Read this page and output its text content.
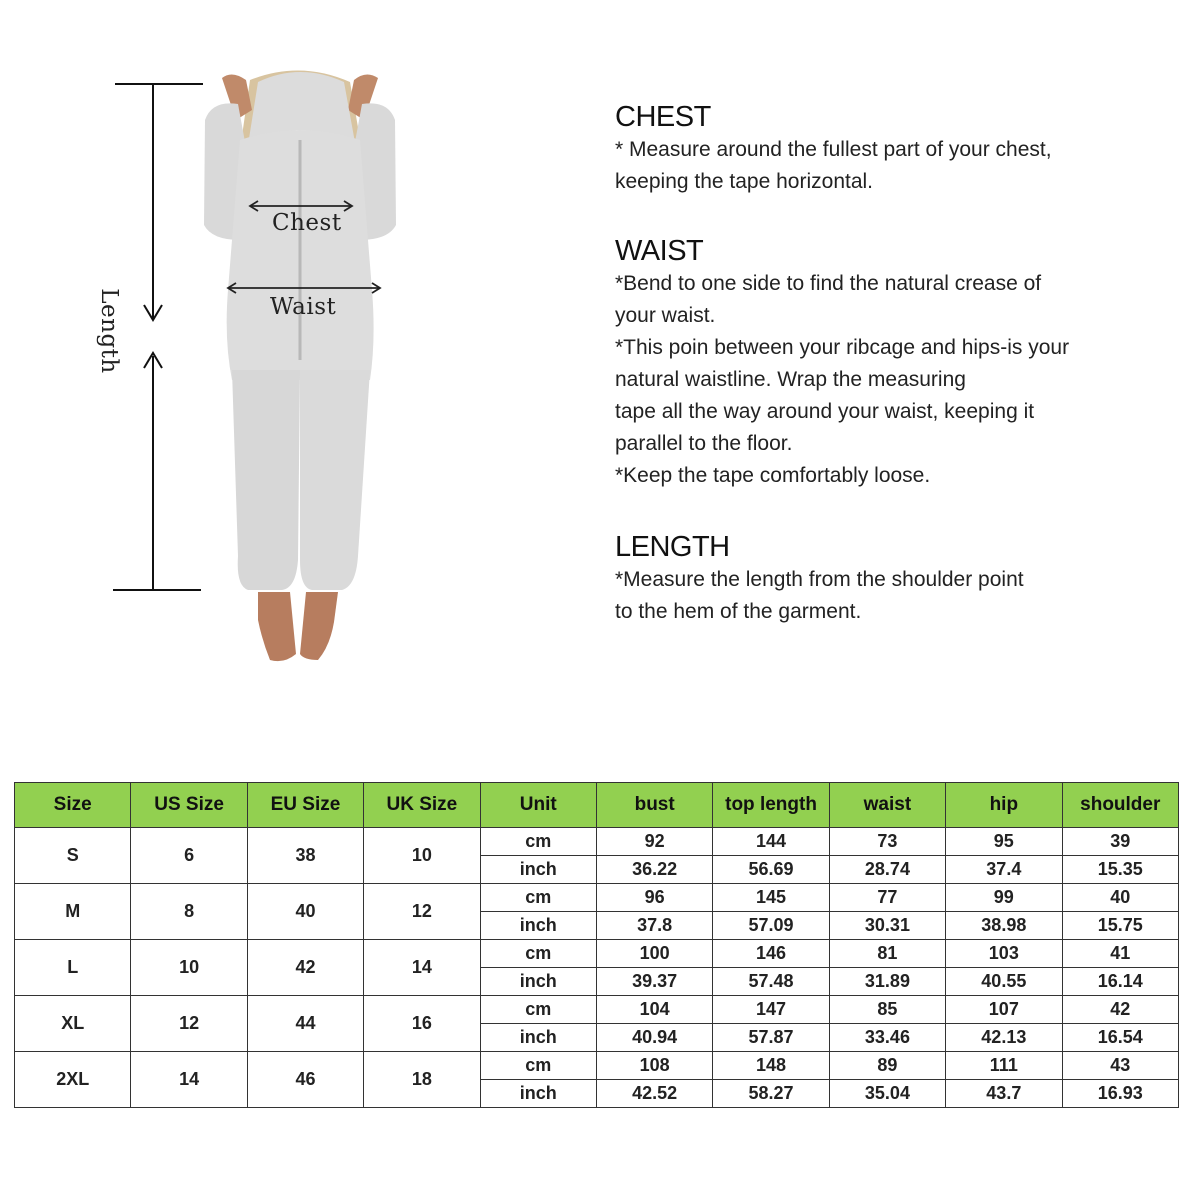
Chest
Waist
Length
CHEST
* Measure around the fullest part of your chest,
keeping the tape horizontal.
WAIST
*Bend to one side to find the natural crease of
your waist.
*This poin between your ribcage and hips-is your
natural waistline. Wrap the measuring
tape all the way around your waist, keeping it
parallel to the floor.
*Keep the tape comfortably loose.
LENGTH
*Measure the length from the shoulder point
to the hem of the garment.
Size	US Size	EU Size	UK Size	Unit	bust	top length	waist	hip	shoulder
S	6	38	10	cm	92	144	73	95	39
				inch	36.22	56.69	28.74	37.4	15.35
M	8	40	12	cm	96	145	77	99	40
				inch	37.8	57.09	30.31	38.98	15.75
L	10	42	14	cm	100	146	81	103	41
				inch	39.37	57.48	31.89	40.55	16.14
XL	12	44	16	cm	104	147	85	107	42
				inch	40.94	57.87	33.46	42.13	16.54
2XL	14	46	18	cm	108	148	89	111	43
				inch	42.52	58.27	35.04	43.7	16.93
